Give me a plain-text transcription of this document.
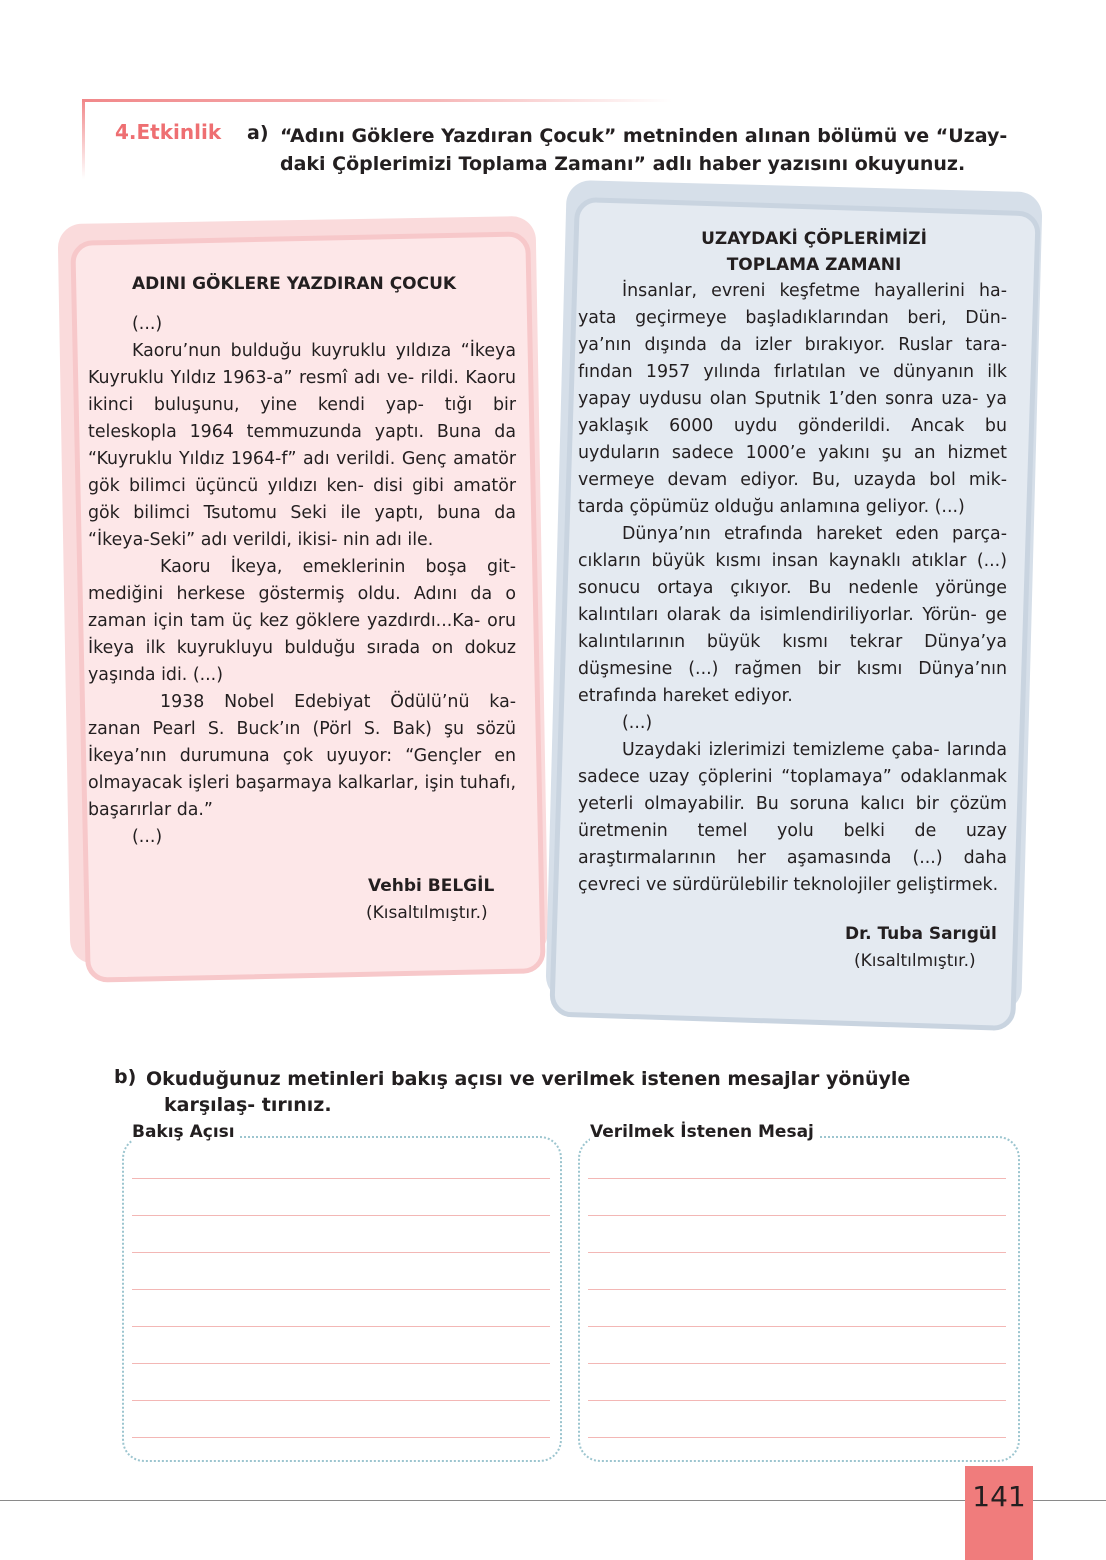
4.Etkinlik a) “Adını Göklere Yazdıran Çocuk” metninden alınan bölümü ve “Uzay- daki Çöplerimizi Toplama Zamanı” adlı haber yazısını okuyunuz.
ADINI GÖKLERE YAZDIRAN ÇOCUK

(...)

Kaoru’nun bulduğu kuyruklu yıldıza “İkeya Kuyruklu Yıldız 1963-a” resmî adı ve- rildi. Kaoru ikinci buluşunu, yine kendi yap- tığı bir teleskopla 1964 temmuzunda yaptı. Buna da “Kuyruklu Yıldız 1964-f” adı verildi. Genç amatör gök bilimci üçüncü yıldızı ken- disi gibi amatör gök bilimci Tsutomu Seki ile yaptı, buna da “İkeya-Seki” adı verildi, ikisi- nin adı ile.

Kaoru İkeya, emeklerinin boşa git- mediğini herkese göstermiş oldu. Adını da o zaman için tam üç kez göklere yazdırdı...Ka- oru İkeya ilk kuyrukluyu bulduğu sırada on dokuz yaşında idi. (...)

1938 Nobel Edebiyat Ödülü’nü ka- zanan Pearl S. Buck’ın (Pörl S. Bak) şu sözü İkeya’nın durumuna çok uyuyor: “Gençler en olmayacak işleri başarmaya kalkarlar, işin tuhafı, başarırlar da.”

(...)

Vehbi BELGİL
(Kısaltılmıştır.)
UZAYDAKİ ÇÖPLERİMİZİ
TOPLAMA ZAMANI

İnsanlar, evreni keşfetme hayallerini ha- yata geçirmeye başladıklarından beri, Dün- ya’nın dışında da izler bırakıyor. Ruslar tara- fından 1957 yılında fırlatılan ve dünyanın ilk yapay uydusu olan Sputnik 1’den sonra uza- ya yaklaşık 6000 uydu gönderildi. Ancak bu uyduların sadece 1000’e yakını şu an hizmet vermeye devam ediyor. Bu, uzayda bol mik- tarda çöpümüz olduğu anlamına geliyor. (...)

Dünya’nın etrafında hareket eden parça- cıkların büyük kısmı insan kaynaklı atıklar (...) sonucu ortaya çıkıyor. Bu nedenle yörünge kalıntıları olarak da isimlendiriliyorlar. Yörün- ge kalıntılarının büyük kısmı tekrar Dünya’ya düşmesine (...) rağmen bir kısmı Dünya’nın etrafında hareket ediyor.

(...)

Uzaydaki izlerimizi temizleme çaba- larında sadece uzay çöplerini “toplamaya” odaklanmak yeterli olmayabilir. Bu soruna kalıcı bir çözüm üretmenin temel yolu belki de uzay araştırmalarının her aşamasında (...) daha çevreci ve sürdürülebilir teknolojiler geliştirmek.

Dr. Tuba Sarıgül
(Kısaltılmıştır.)
b) Okuduğunuz metinleri bakış açısı ve verilmek istenen mesajlar yönüyle karşılaş- tırınız.
Bakış Açısı	Verilmek İstenen Mesaj
141
